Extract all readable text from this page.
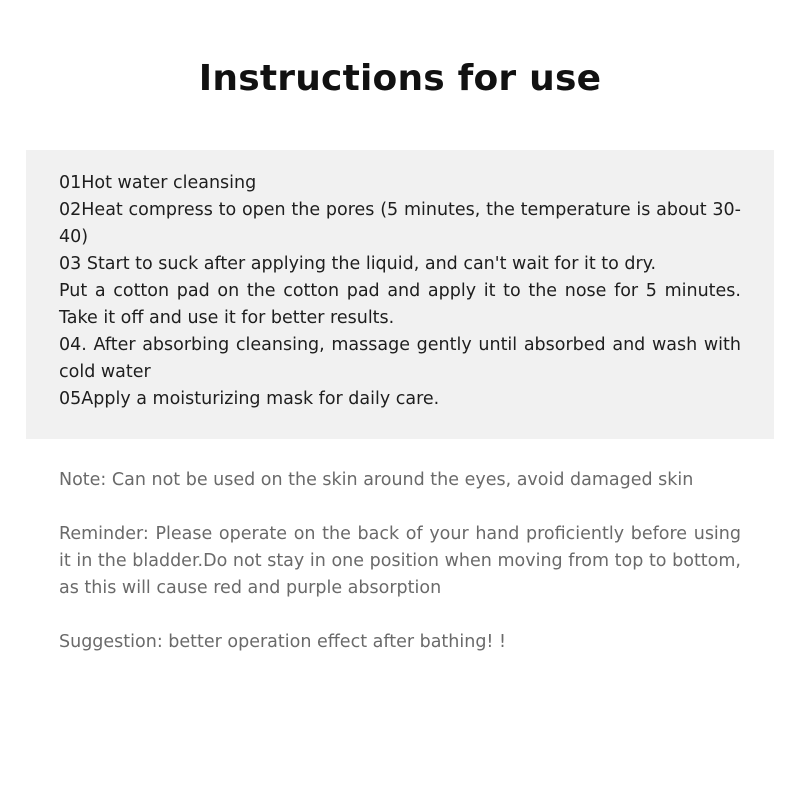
Instructions for use

01Hot water cleansing

02Heat compress to open the pores (5 minutes, the temperature is about 30-40)

03 Start to suck after applying the liquid, and can't wait for it to dry.

Put a cotton pad on the cotton pad and apply it to the nose for 5 minutes. Take it off and use it for better results.

04. After absorbing cleansing, massage gently until absorbed and wash with cold water

05Apply a moisturizing mask for daily care.

Note: Can not be used on the skin around the eyes, avoid damaged skin

Reminder: Please operate on the back of your hand proficiently before using it in the bladder.Do not stay in one position when moving from top to bottom, as this will cause red and purple absorption

Suggestion: better operation effect after bathing! !
